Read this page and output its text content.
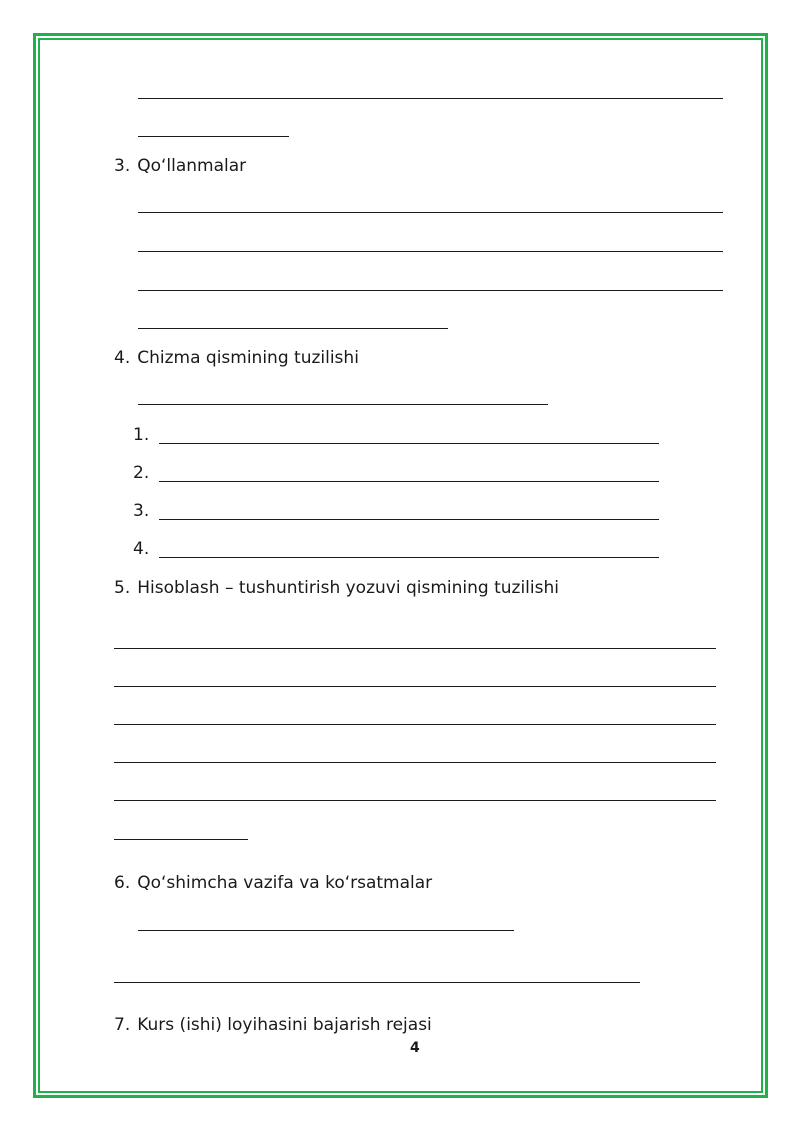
3. Qo‘llanmalar
4. Chizma qismining tuzilishi
1.
2.
3.
4.
5. Hisoblash – tushuntirish yozuvi qismining tuzilishi
6. Qo‘shimcha vazifa va ko‘rsatmalar
7. Kurs (ishi) loyihasini bajarish rejasi
4
